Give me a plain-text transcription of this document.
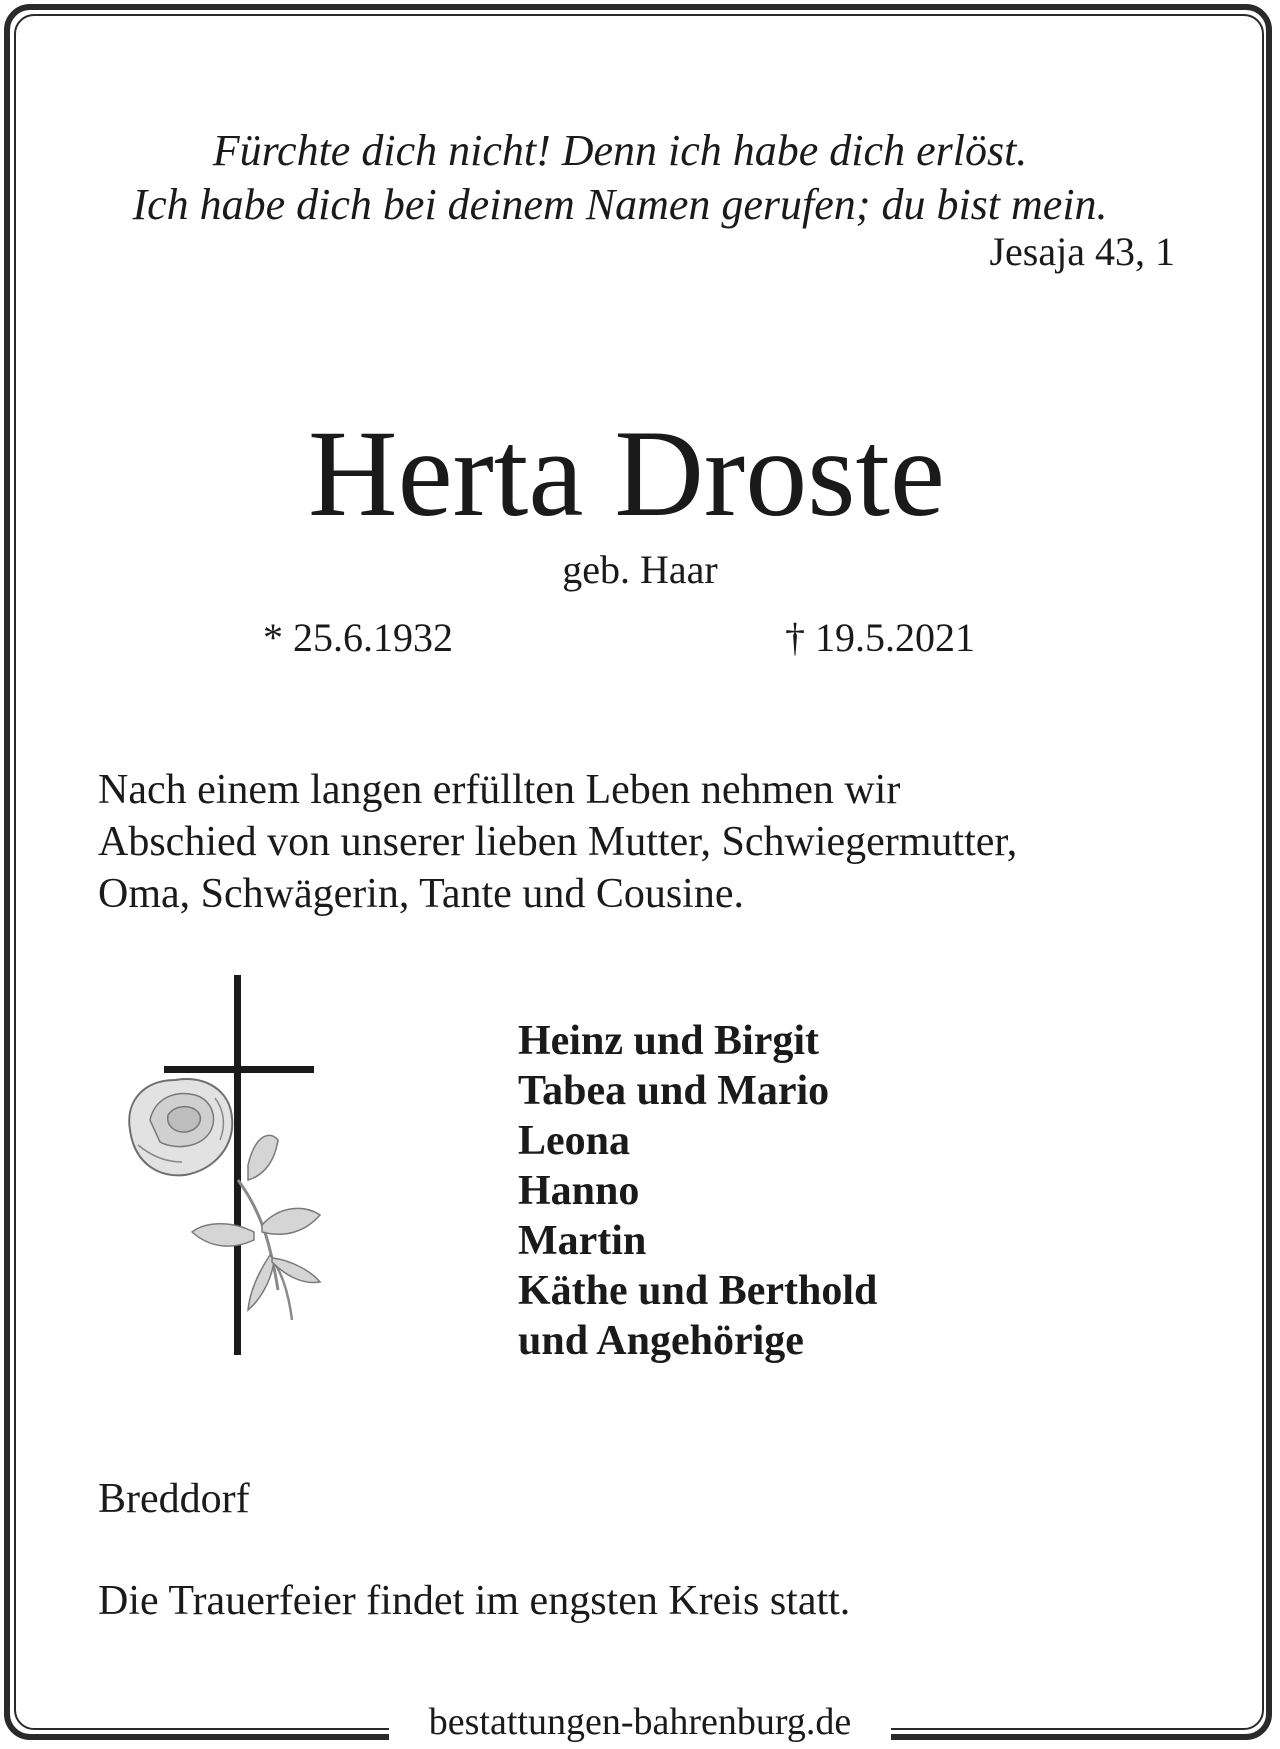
Fürchte dich nicht! Denn ich habe dich erlöst.
Ich habe dich bei deinem Namen gerufen; du bist mein.
Jesaja 43, 1
Herta Droste
geb. Haar
* 25.6.1932	† 19.5.2021
Nach einem langen erfüllten Leben nehmen wir
Abschied von unserer lieben Mutter, Schwiegermutter,
Oma, Schwägerin, Tante und Cousine.
Heinz und Birgit
Tabea und Mario
Leona
Hanno
Martin
Käthe und Berthold
und Angehörige
Breddorf
Die Trauerfeier findet im engsten Kreis statt.
bestattungen-bahrenburg.de
